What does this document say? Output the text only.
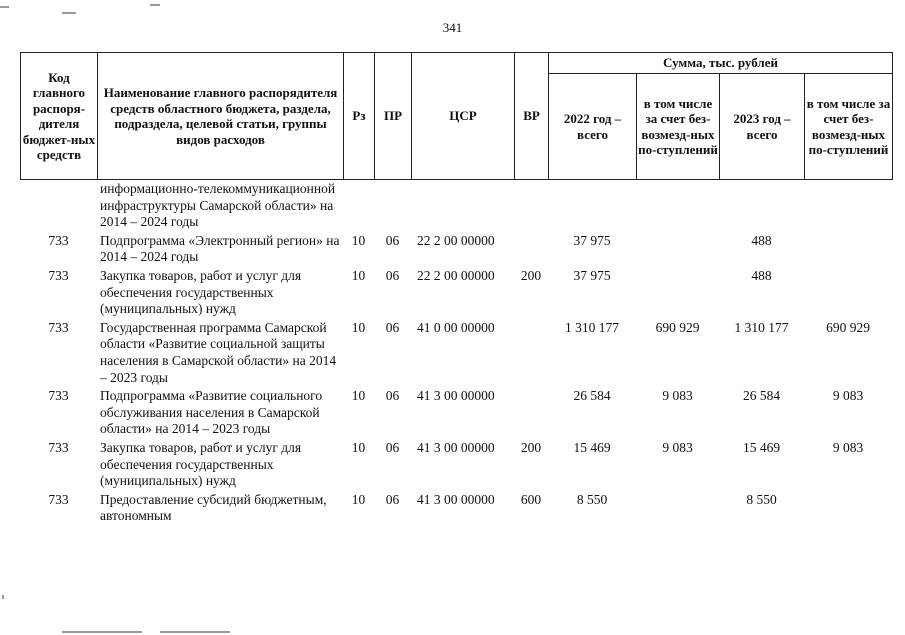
341
Код главного распоря-дителя бюджет-ных средств	Наименование главного распорядителя средств областного бюджета, раздела, подраздела, целевой статьи, группы видов расходов	Рз	ПР	ЦСР	ВР	Сумма, тыс. рублей			
						2022 год – всего	в том числе за счет без-возмезд-ных по-ступлений	2023 год – всего	в том числе за счет без-возмезд-ных по-ступлений
	информационно-телекоммуникационной инфраструктуры Самарской области» на 2014 – 2024 годы								
733	Подпрограмма «Электронный регион» на 2014 – 2024 годы	10	06	22 2 00 00000		37 975		488	
733	Закупка товаров, работ и услуг для обеспечения государственных (муниципальных) нужд	10	06	22 2 00 00000	200	37 975		488	
733	Государственная программа Самарской области «Развитие социальной защиты населения в Самарской области» на 2014 – 2023 годы	10	06	41 0 00 00000		1 310 177	690 929	1 310 177	690 929
733	Подпрограмма «Развитие социального обслуживания населения в Самарской области» на 2014 – 2023 годы	10	06	41 3 00 00000		26 584	9 083	26 584	9 083
733	Закупка товаров, работ и услуг для обеспечения государственных (муниципальных) нужд	10	06	41 3 00 00000	200	15 469	9 083	15 469	9 083
733	Предоставление субсидий бюджетным, автономным	10	06	41 3 00 00000	600	8 550		8 550	
